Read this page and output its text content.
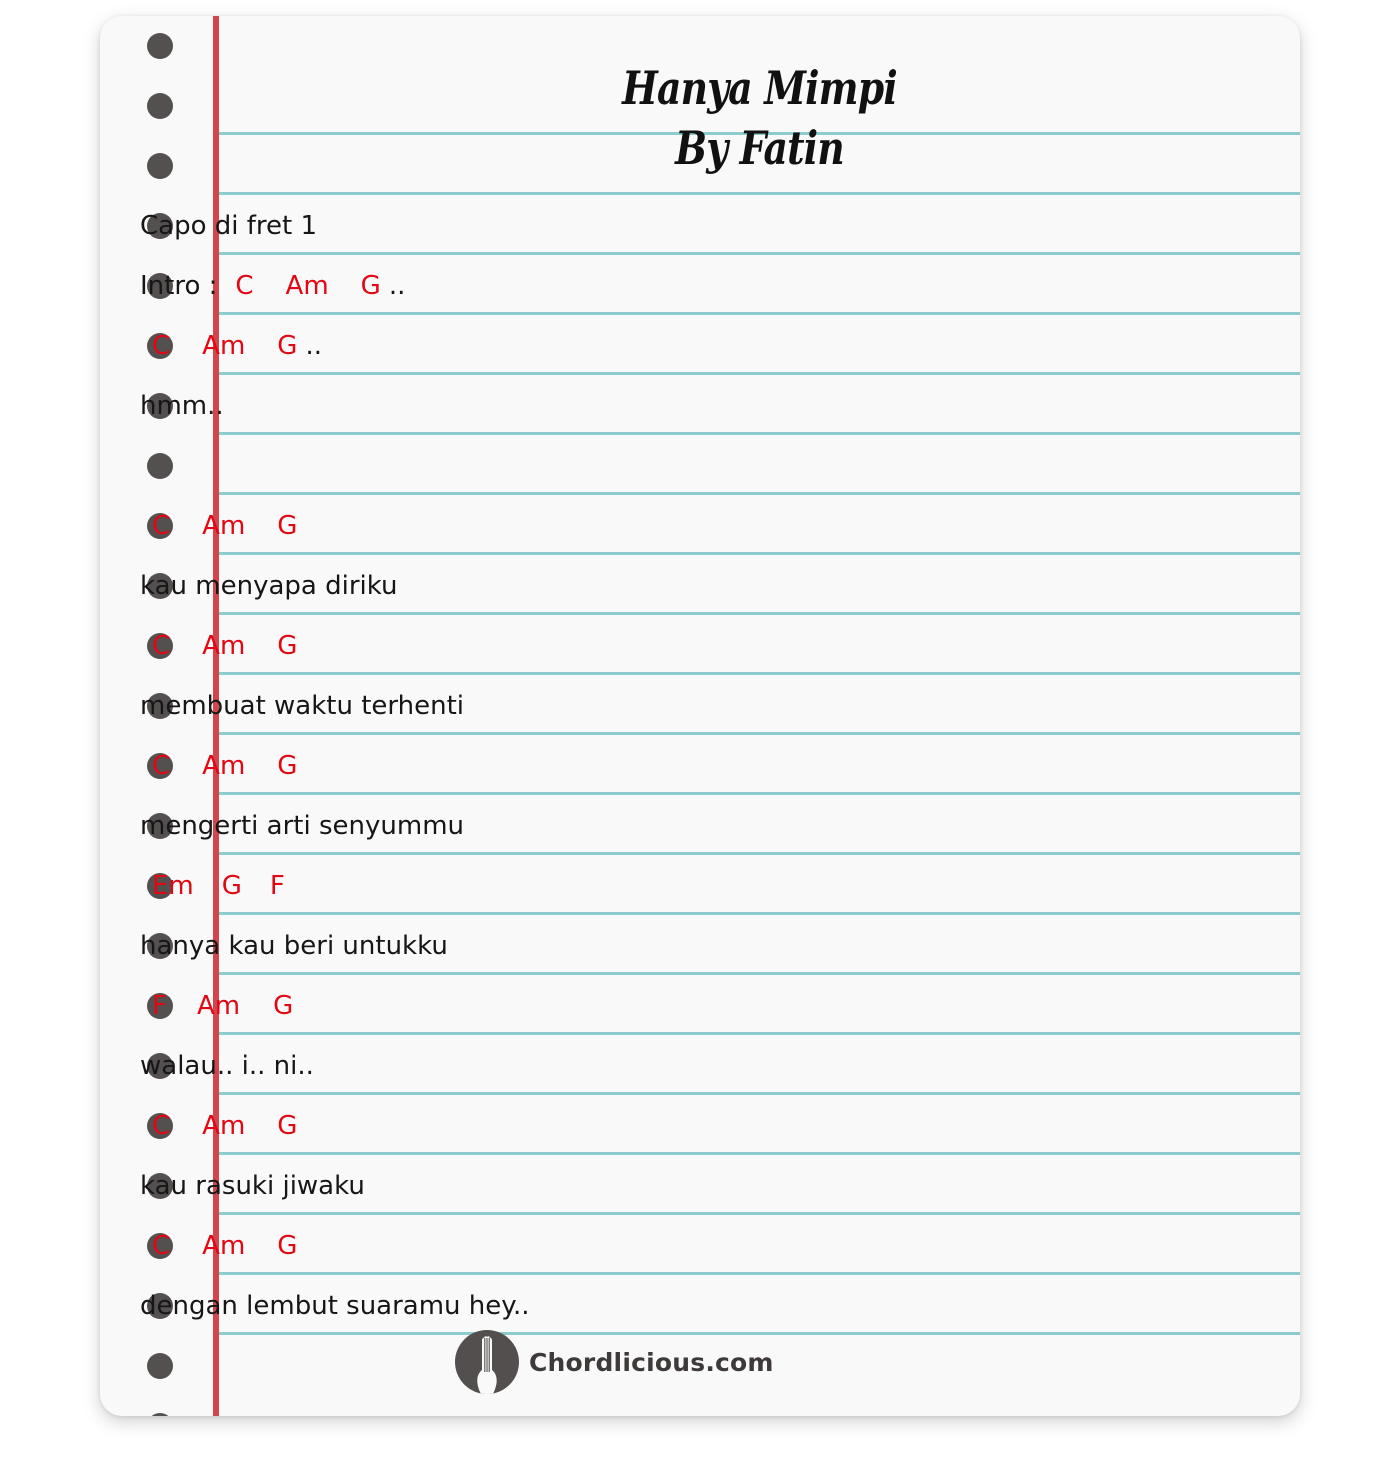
Hanya Mimpi
By Fatin
Capo di fret 1
Intro : C Am G ..
C Am G ..
hmm..
C Am G
kau menyapa diriku
C Am G
membuat waktu terhenti
C Am G
mengerti arti senyummu
Em G F
hanya kau beri untukku
F Am G
walau.. i.. ni..
C Am G
kau rasuki jiwaku
C Am G
dengan lembut suaramu hey..
Chordlicious.com
